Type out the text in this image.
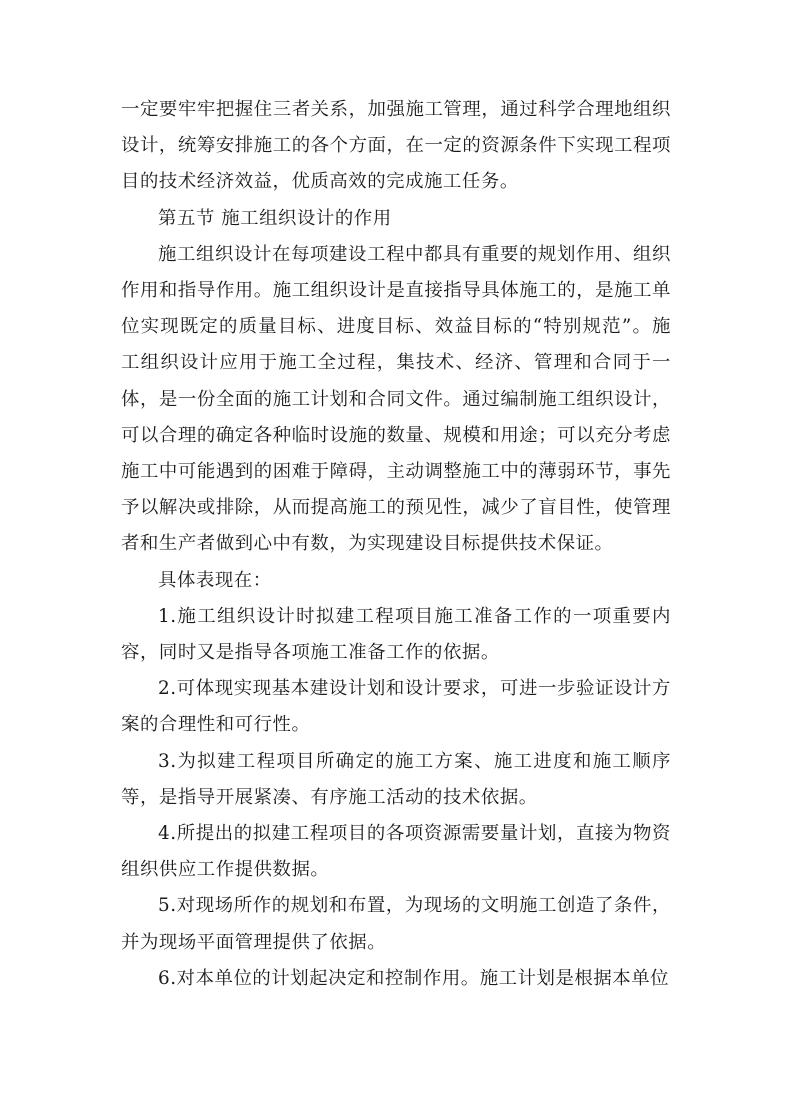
一定要牢牢把握住三者关系，加强施工管理，通过科学合理地组织设计，统筹安排施工的各个方面，在一定的资源条件下实现工程项目的技术经济效益，优质高效的完成施工任务。

第五节 施工组织设计的作用

施工组织设计在每项建设工程中都具有重要的规划作用、组织作用和指导作用。施工组织设计是直接指导具体施工的，是施工单位实现既定的质量目标、进度目标、效益目标的“特别规范”。施工组织设计应用于施工全过程，集技术、经济、管理和合同于一体，是一份全面的施工计划和合同文件。通过编制施工组织设计，可以合理的确定各种临时设施的数量、规模和用途；可以充分考虑施工中可能遇到的困难于障碍，主动调整施工中的薄弱环节，事先予以解决或排除，从而提高施工的预见性，减少了盲目性，使管理者和生产者做到心中有数，为实现建设目标提供技术保证。

具体表现在：

1.施工组织设计时拟建工程项目施工准备工作的一项重要内容，同时又是指导各项施工准备工作的依据。

2.可体现实现基本建设计划和设计要求，可进一步验证设计方案的合理性和可行性。

3.为拟建工程项目所确定的施工方案、施工进度和施工顺序等，是指导开展紧凑、有序施工活动的技术依据。

4.所提出的拟建工程项目的各项资源需要量计划，直接为物资组织供应工作提供数据。

5.对现场所作的规划和布置，为现场的文明施工创造了条件，并为现场平面管理提供了依据。

6.对本单位的计划起决定和控制作用。施工计划是根据本单位
